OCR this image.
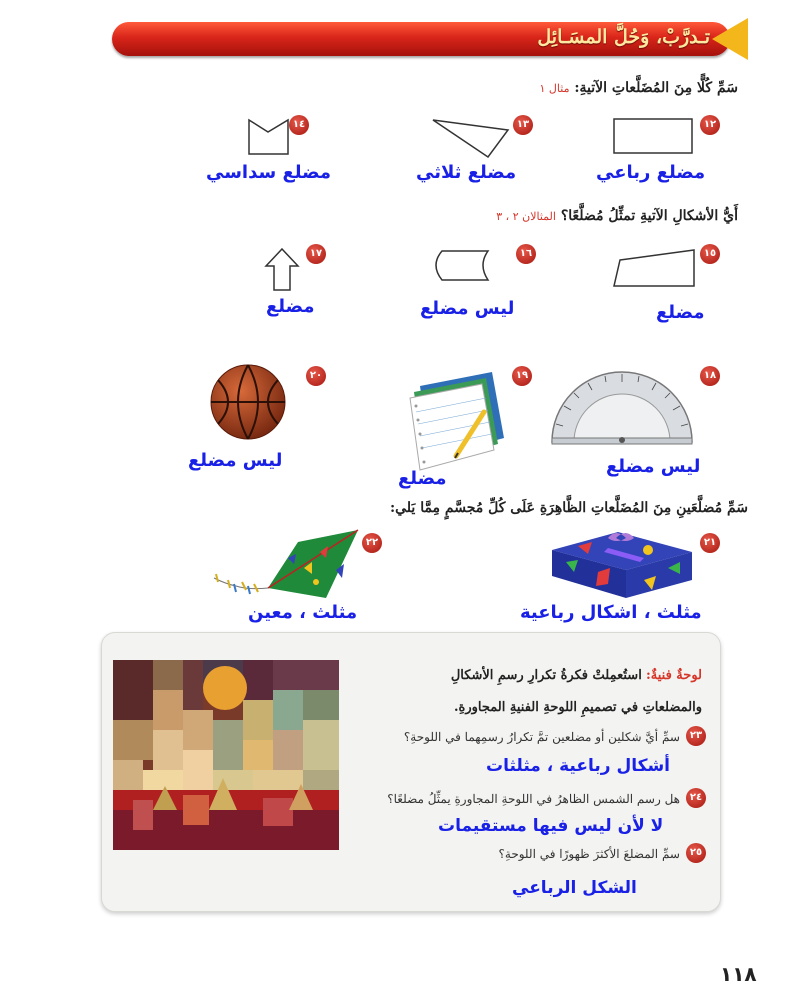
تـدرَّبْ، وَحُلَّ المسَـائِل
سَمِّ كُلًّا مِنَ المُضَلَّعاتِ الآتيةِ: مثال ١
١٢
مضلع رباعي
١٣
مضلع ثلاثي
١٤
مضلع سداسي
أَيُّ الأشكالِ الآتيةِ تمثِّلُ مُضلَّعًا؟ المثالان ٢ ، ٣
١٥
مضلع
١٦
ليس مضلع
١٧
مضلع
١٨
ليس مضلع
١٩
مضلع
٢٠
ليس مضلع
سَمِّ مُضلَّعَينِ مِنَ المُضَلَّعاتِ الظَّاهِرَةِ عَلَى كُلِّ مُجسَّمٍ مِمَّا يَلي:
٢١
مثلث ، اشكال رباعية
٢٢
مثلث ، معين
لوحةٌ فنيةٌ: استُعمِلتْ فكرةُ تكرارِ رسمِ الأشكالِ
والمضلعاتِ في تصميمِ اللوحةِ الفنيةِ المجاورةِ.
٢٣
سمِّ أيَّ شكلين أو مضلعين تمَّ تكرارُ رسمِهما في اللوحةِ؟
أشكال رباعية ، مثلثات
٢٤
هل رسم الشمس الظاهرُ في اللوحةِ المجاورةِ يمثِّلُ مضلعًا؟
لا لأن ليس فيها مستقيمات
٢٥
سمِّ المضلعَ الأكثرَ ظهورًا في اللوحةِ؟
الشكل الرباعي
١١٨
